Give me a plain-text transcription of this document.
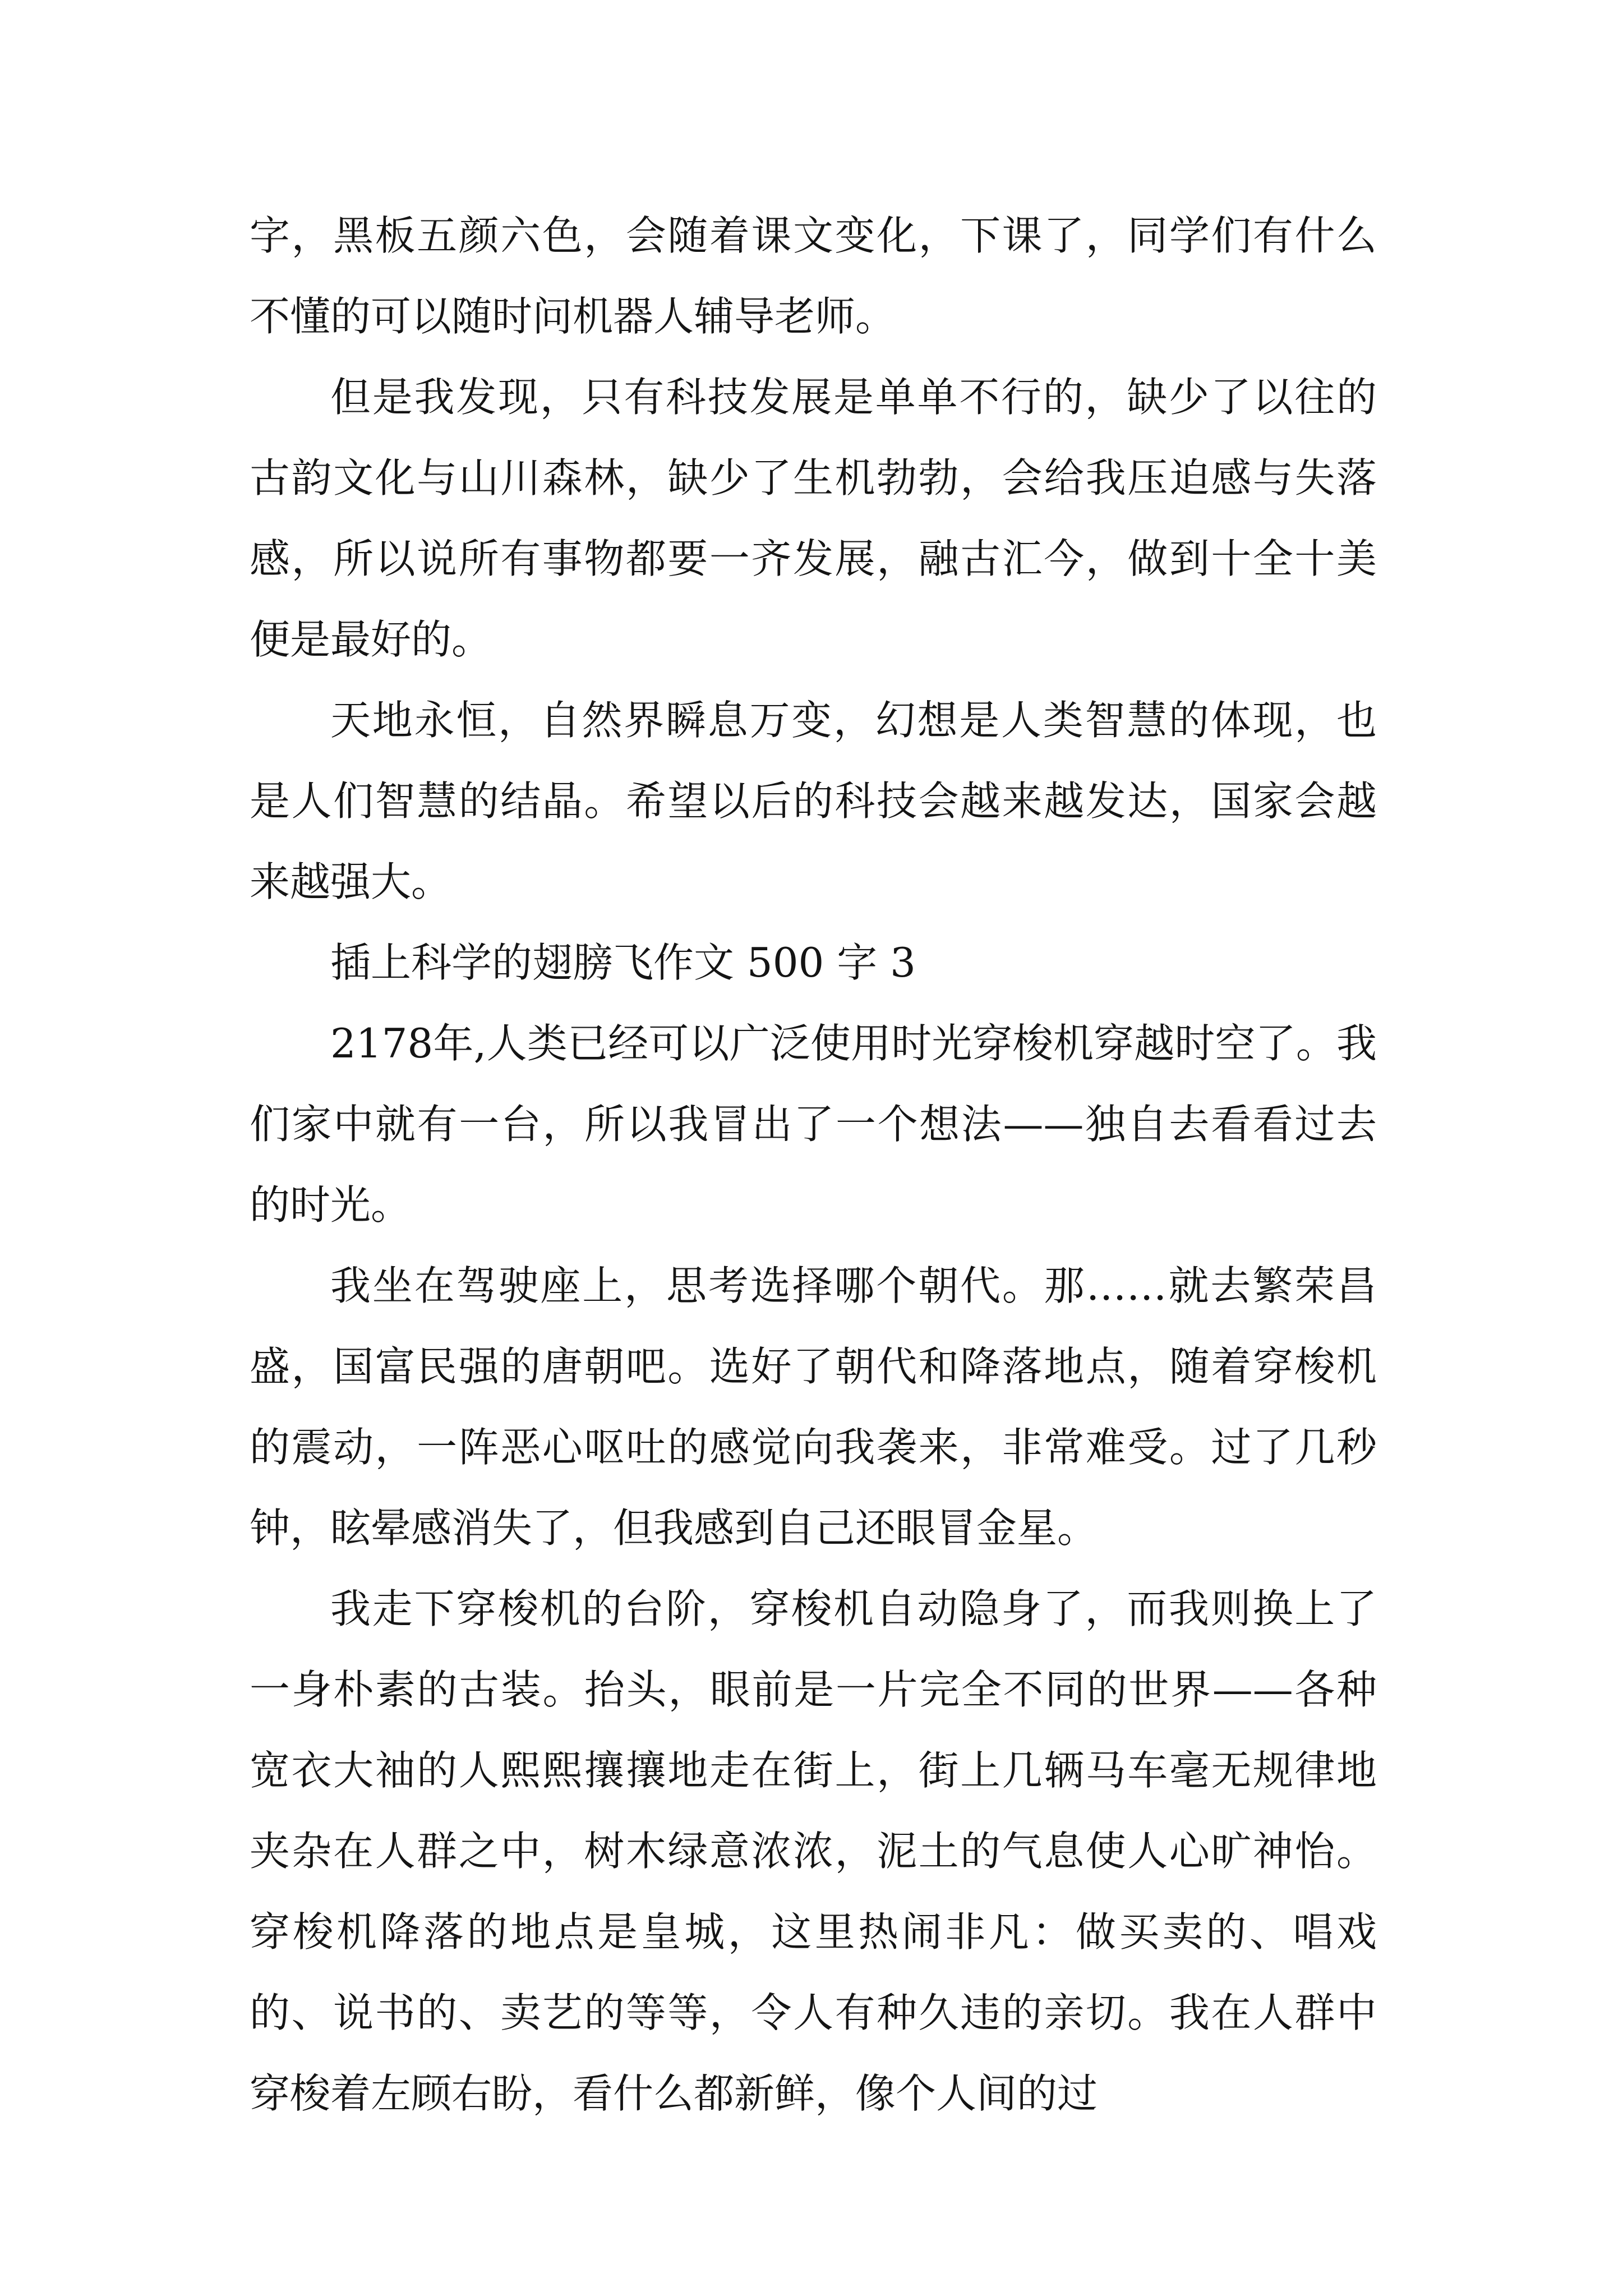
字，黑板五颜六色，会随着课文变化，下课了，同学们有什么不懂的可以随时问机器人辅导老师。

但是我发现，只有科技发展是单单不行的，缺少了以往的古韵文化与山川森林，缺少了生机勃勃，会给我压迫感与失落感，所以说所有事物都要一齐发展，融古汇今，做到十全十美便是最好的。

天地永恒，自然界瞬息万变，幻想是人类智慧的体现，也是人们智慧的结晶。希望以后的科技会越来越发达，国家会越来越强大。

插上科学的翅膀飞作文 500 字 3

2178年,人类已经可以广泛使用时光穿梭机穿越时空了。我们家中就有一台，所以我冒出了一个想法——独自去看看过去的时光。

我坐在驾驶座上，思考选择哪个朝代。那……就去繁荣昌盛，国富民强的唐朝吧。选好了朝代和降落地点，随着穿梭机的震动，一阵恶心呕吐的感觉向我袭来，非常难受。过了几秒钟，眩晕感消失了，但我感到自己还眼冒金星。

我走下穿梭机的台阶，穿梭机自动隐身了，而我则换上了一身朴素的古装。抬头，眼前是一片完全不同的世界——各种宽衣大袖的人熙熙攘攘地走在街上，街上几辆马车毫无规律地夹杂在人群之中，树木绿意浓浓，泥土的气息使人心旷神怡。穿梭机降落的地点是皇城，这里热闹非凡：做买卖的、唱戏的、说书的、卖艺的等等，令人有种久违的亲切。我在人群中穿梭着左顾右盼，看什么都新鲜，像个人间的过
